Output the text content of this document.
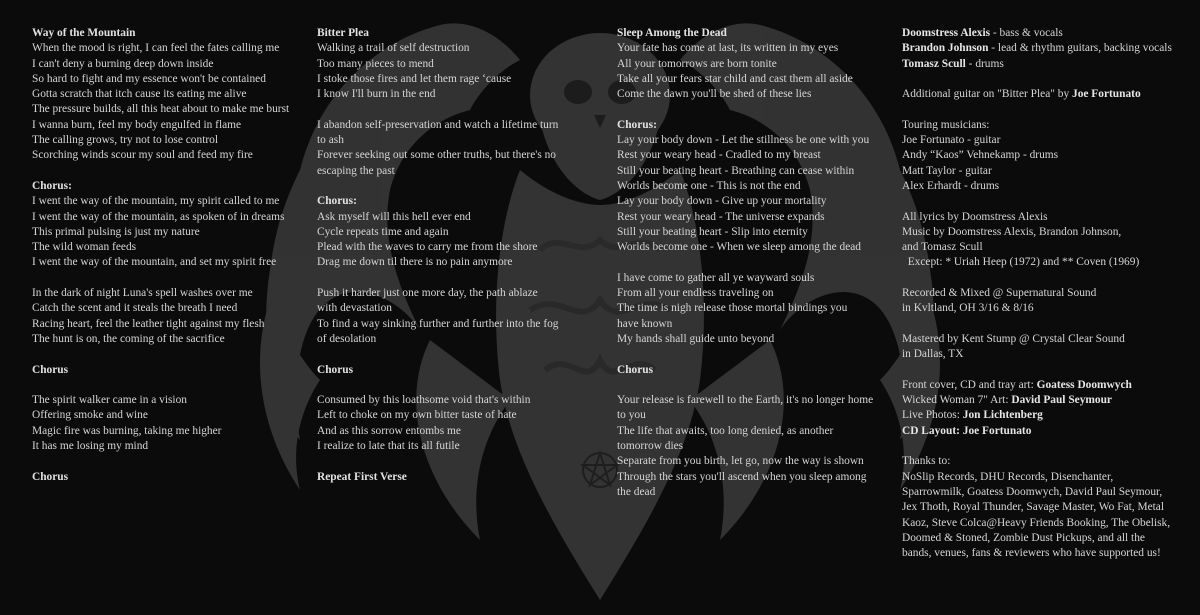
Way of the Mountain

When the mood is right, I can feel the fates calling me

I can't deny a burning deep down inside

So hard to fight and my essence won't be contained

Gotta scratch that itch cause its eating me alive

The pressure builds, all this heat about to make me burst

I wanna burn, feel my body engulfed in flame

The calling grows, try not to lose control

Scorching winds scour my soul and feed my fire

Chorus:

I went the way of the mountain, my spirit called to me

I went the way of the mountain, as spoken of in dreams

This primal pulsing is just my nature

The wild woman feeds

I went the way of the mountain, and set my spirit free

In the dark of night Luna's spell washes over me

Catch the scent and it steals the breath I need

Racing heart, feel the leather tight against my flesh

The hunt is on, the coming of the sacrifice

Chorus

The spirit walker came in a vision

Offering smoke and wine

Magic fire was burning, taking me higher

It has me losing my mind

Chorus

Bitter Plea

Walking a trail of self destruction

Too many pieces to mend

I stoke those fires and let them rage ‘cause

I know I'll burn in the end

I abandon self-preservation and watch a lifetime turn

to ash

Forever seeking out some other truths, but there's no

escaping the past

Chorus:

Ask myself will this hell ever end

Cycle repeats time and again

Plead with the waves to carry me from the shore

Drag me down til there is no pain anymore

Push it harder just one more day, the path ablaze

with devastation

To find a way sinking further and further into the fog

of desolation

Chorus

Consumed by this loathsome void that's within

Left to choke on my own bitter taste of hate

And as this sorrow entombs me

I realize to late that its all futile

Repeat First Verse

Sleep Among the Dead

Your fate has come at last, its written in my eyes

All your tomorrows are born tonite

Take all your fears star child and cast them all aside

Come the dawn you'll be shed of these lies

Chorus:

Lay your body down - Let the stillness be one with you

Rest your weary head - Cradled to my breast

Still your beating heart - Breathing can cease within

Worlds become one - This is not the end

Lay your body down - Give up your mortality

Rest your weary head - The universe expands

Still your beating heart - Slip into eternity

Worlds become one - When we sleep among the dead

I have come to gather all ye wayward souls

From all your endless traveling on

The time is nigh release those mortal bindings you

have known

My hands shall guide unto beyond

Chorus

Your release is farewell to the Earth, it's no longer home

to you

The life that awaits, too long denied, as another

tomorrow dies

Separate from you birth, let go, now the way is shown

Through the stars you'll ascend when you sleep among

the dead

Doomstress Alexis - bass & vocals

Brandon Johnson - lead & rhythm guitars, backing vocals

Tomasz Scull - drums

Additional guitar on "Bitter Plea" by Joe Fortunato

Touring musicians:

Joe Fortunato - guitar

Andy “Kaos” Vehnekamp - drums

Matt Taylor - guitar

Alex Erhardt - drums

All lyrics by Doomstress Alexis

Music by Doomstress Alexis, Brandon Johnson,

and Tomasz Scull

Except: * Uriah Heep (1972) and ** Coven (1969)

Recorded & Mixed @ Supernatural Sound

in Kvltland, OH 3/16 & 8/16

Mastered by Kent Stump @ Crystal Clear Sound

in Dallas, TX

Front cover, CD and tray art: Goatess Doomwych

Wicked Woman 7" Art: David Paul Seymour

Live Photos: Jon Lichtenberg

CD Layout: Joe Fortunato

Thanks to:

NoSlip Records, DHU Records, Disenchanter,

Sparrowmilk, Goatess Doomwych, David Paul Seymour,

Jex Thoth, Royal Thunder, Savage Master, Wo Fat, Metal

Kaoz, Steve Colca@Heavy Friends Booking, The Obelisk,

Doomed & Stoned, Zombie Dust Pickups, and all the

bands, venues, fans & reviewers who have supported us!
